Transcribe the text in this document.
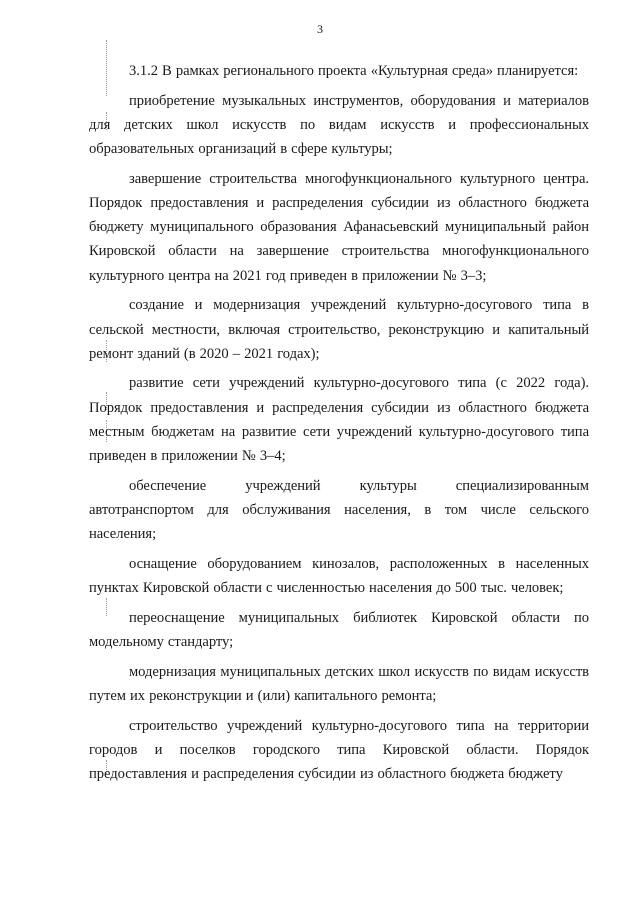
3

3.1.2 В рамках регионального проекта «Культурная среда» планируется:

приобретение музыкальных инструментов, оборудования и материалов для детских школ искусств по видам искусств и профессиональных образовательных организаций в сфере культуры;

завершение строительства многофункционального культурного центра. Порядок предоставления и распределения субсидии из областного бюджета бюджету муниципального образования Афанасьевский муниципальный район Кировской области на завершение строительства многофункционального культурного центра на 2021 год приведен в приложении № 3–3;

создание и модернизация учреждений культурно-досугового типа в сельской местности, включая строительство, реконструкцию и капитальный ремонт зданий (в 2020 – 2021 годах);

развитие сети учреждений культурно-досугового типа (с 2022 года). Порядок предоставления и распределения субсидии из областного бюджета местным бюджетам на развитие сети учреждений культурно-досугового типа приведен в приложении № 3–4;

обеспечение учреждений культуры специализированным автотранспортом для обслуживания населения, в том числе сельского населения;

оснащение оборудованием кинозалов, расположенных в населенных пунктах Кировской области с численностью населения до 500 тыс. человек;

переоснащение муниципальных библиотек Кировской области по модельному стандарту;

модернизация муниципальных детских школ искусств по видам искусств путем их реконструкции и (или) капитального ремонта;

строительство учреждений культурно-досугового типа на территории городов и поселков городского типа Кировской области. Порядок предоставления и распределения субсидии из областного бюджета бюджету
